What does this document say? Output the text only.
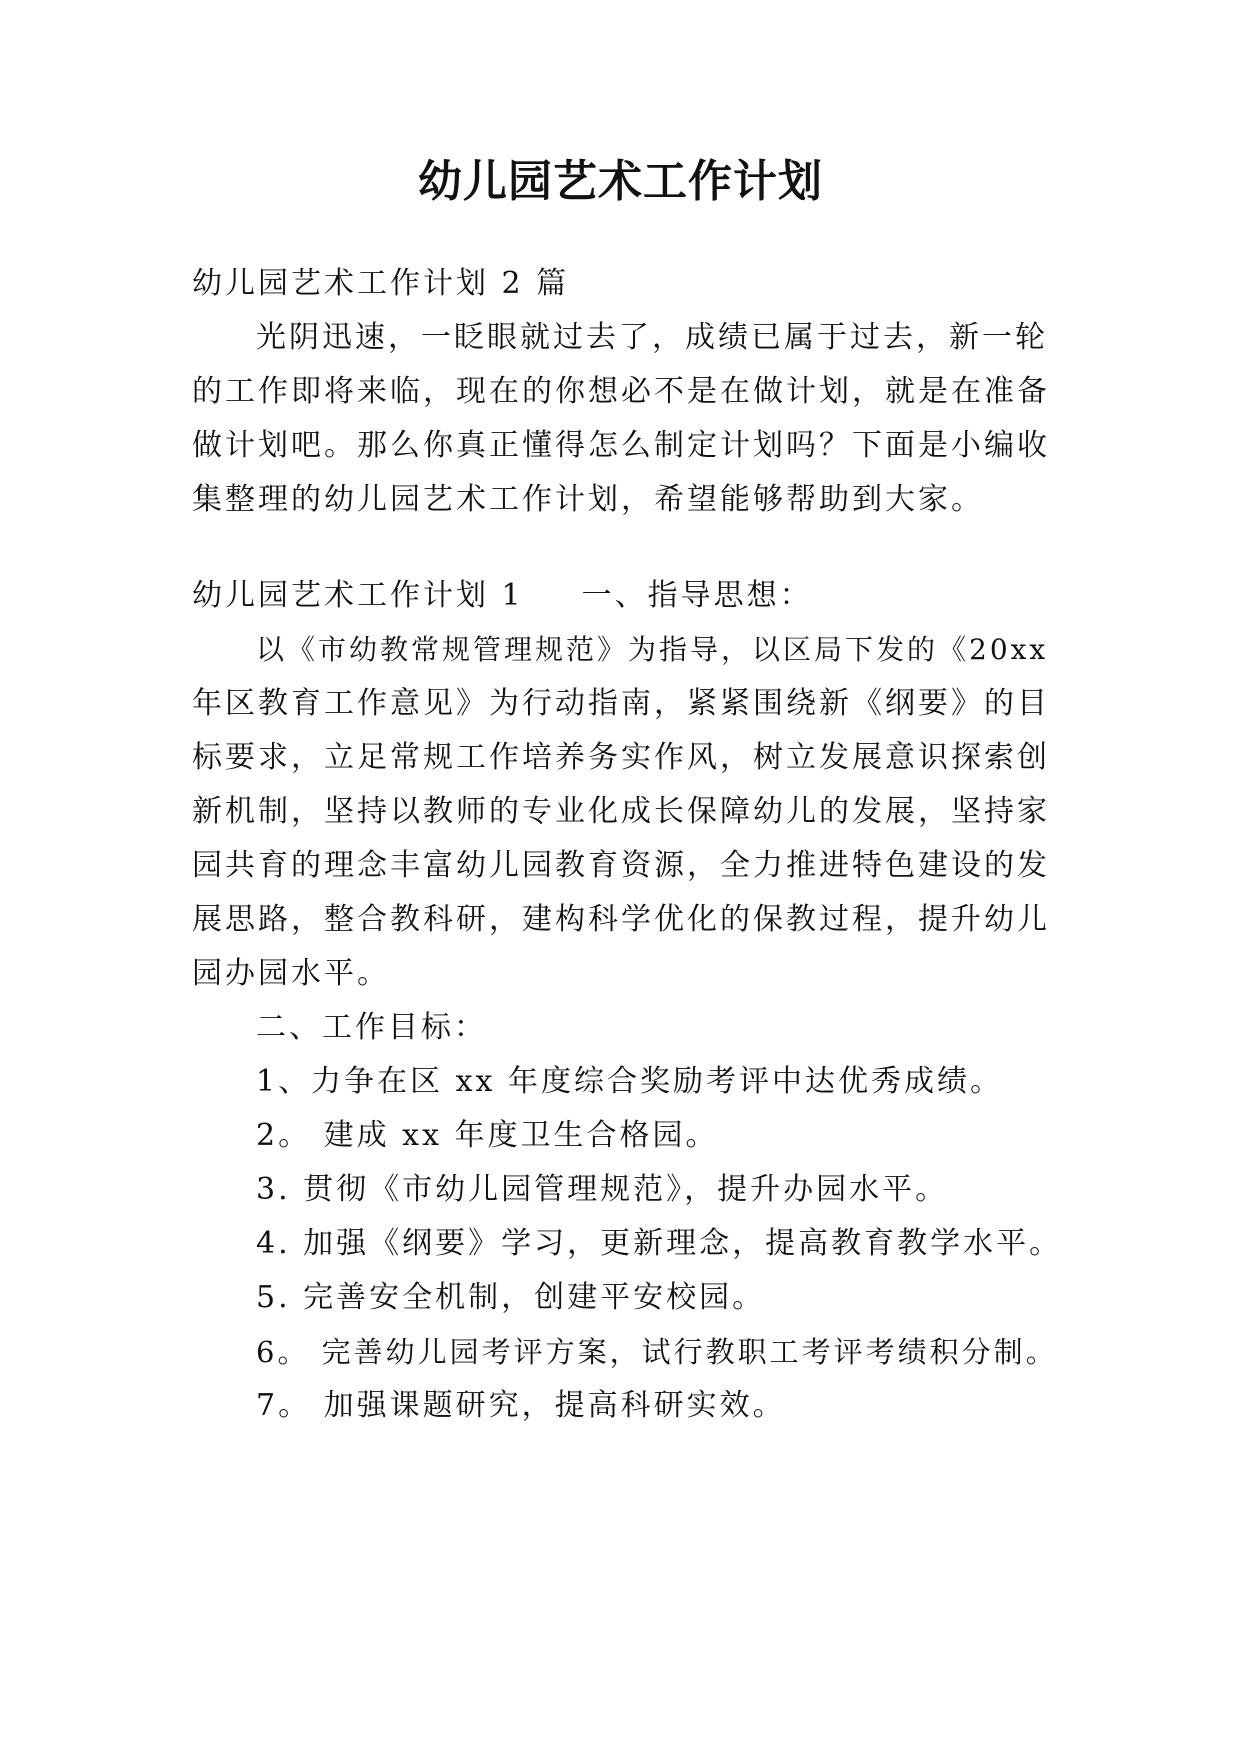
幼儿园艺术工作计划
幼儿园艺术工作计划 2 篇
光阴迅速，一眨眼就过去了，成绩已属于过去，新一轮
的工作即将来临，现在的你想必不是在做计划，就是在准备
做计划吧。那么你真正懂得怎么制定计划吗？下面是小编收
集整理的幼儿园艺术工作计划，希望能够帮助到大家。
幼儿园艺术工作计划 1 一、指导思想：
以《市幼教常规管理规范》为指导，以区局下发的《20xx
年区教育工作意见》为行动指南，紧紧围绕新《纲要》的目
标要求，立足常规工作培养务实作风，树立发展意识探索创
新机制，坚持以教师的专业化成长保障幼儿的发展，坚持家
园共育的理念丰富幼儿园教育资源，全力推进特色建设的发
展思路，整合教科研，建构科学优化的保教过程，提升幼儿
园办园水平。
二、工作目标：
1、力争在区 xx 年度综合奖励考评中达优秀成绩。
2。 建成 xx 年度卫生合格园。
3. 贯彻《市幼儿园管理规范》，提升办园水平。
4. 加强《纲要》学习，更新理念，提高教育教学水平。
5. 完善安全机制，创建平安校园。
6。 完善幼儿园考评方案，试行教职工考评考绩积分制。
7。 加强课题研究，提高科研实效。
